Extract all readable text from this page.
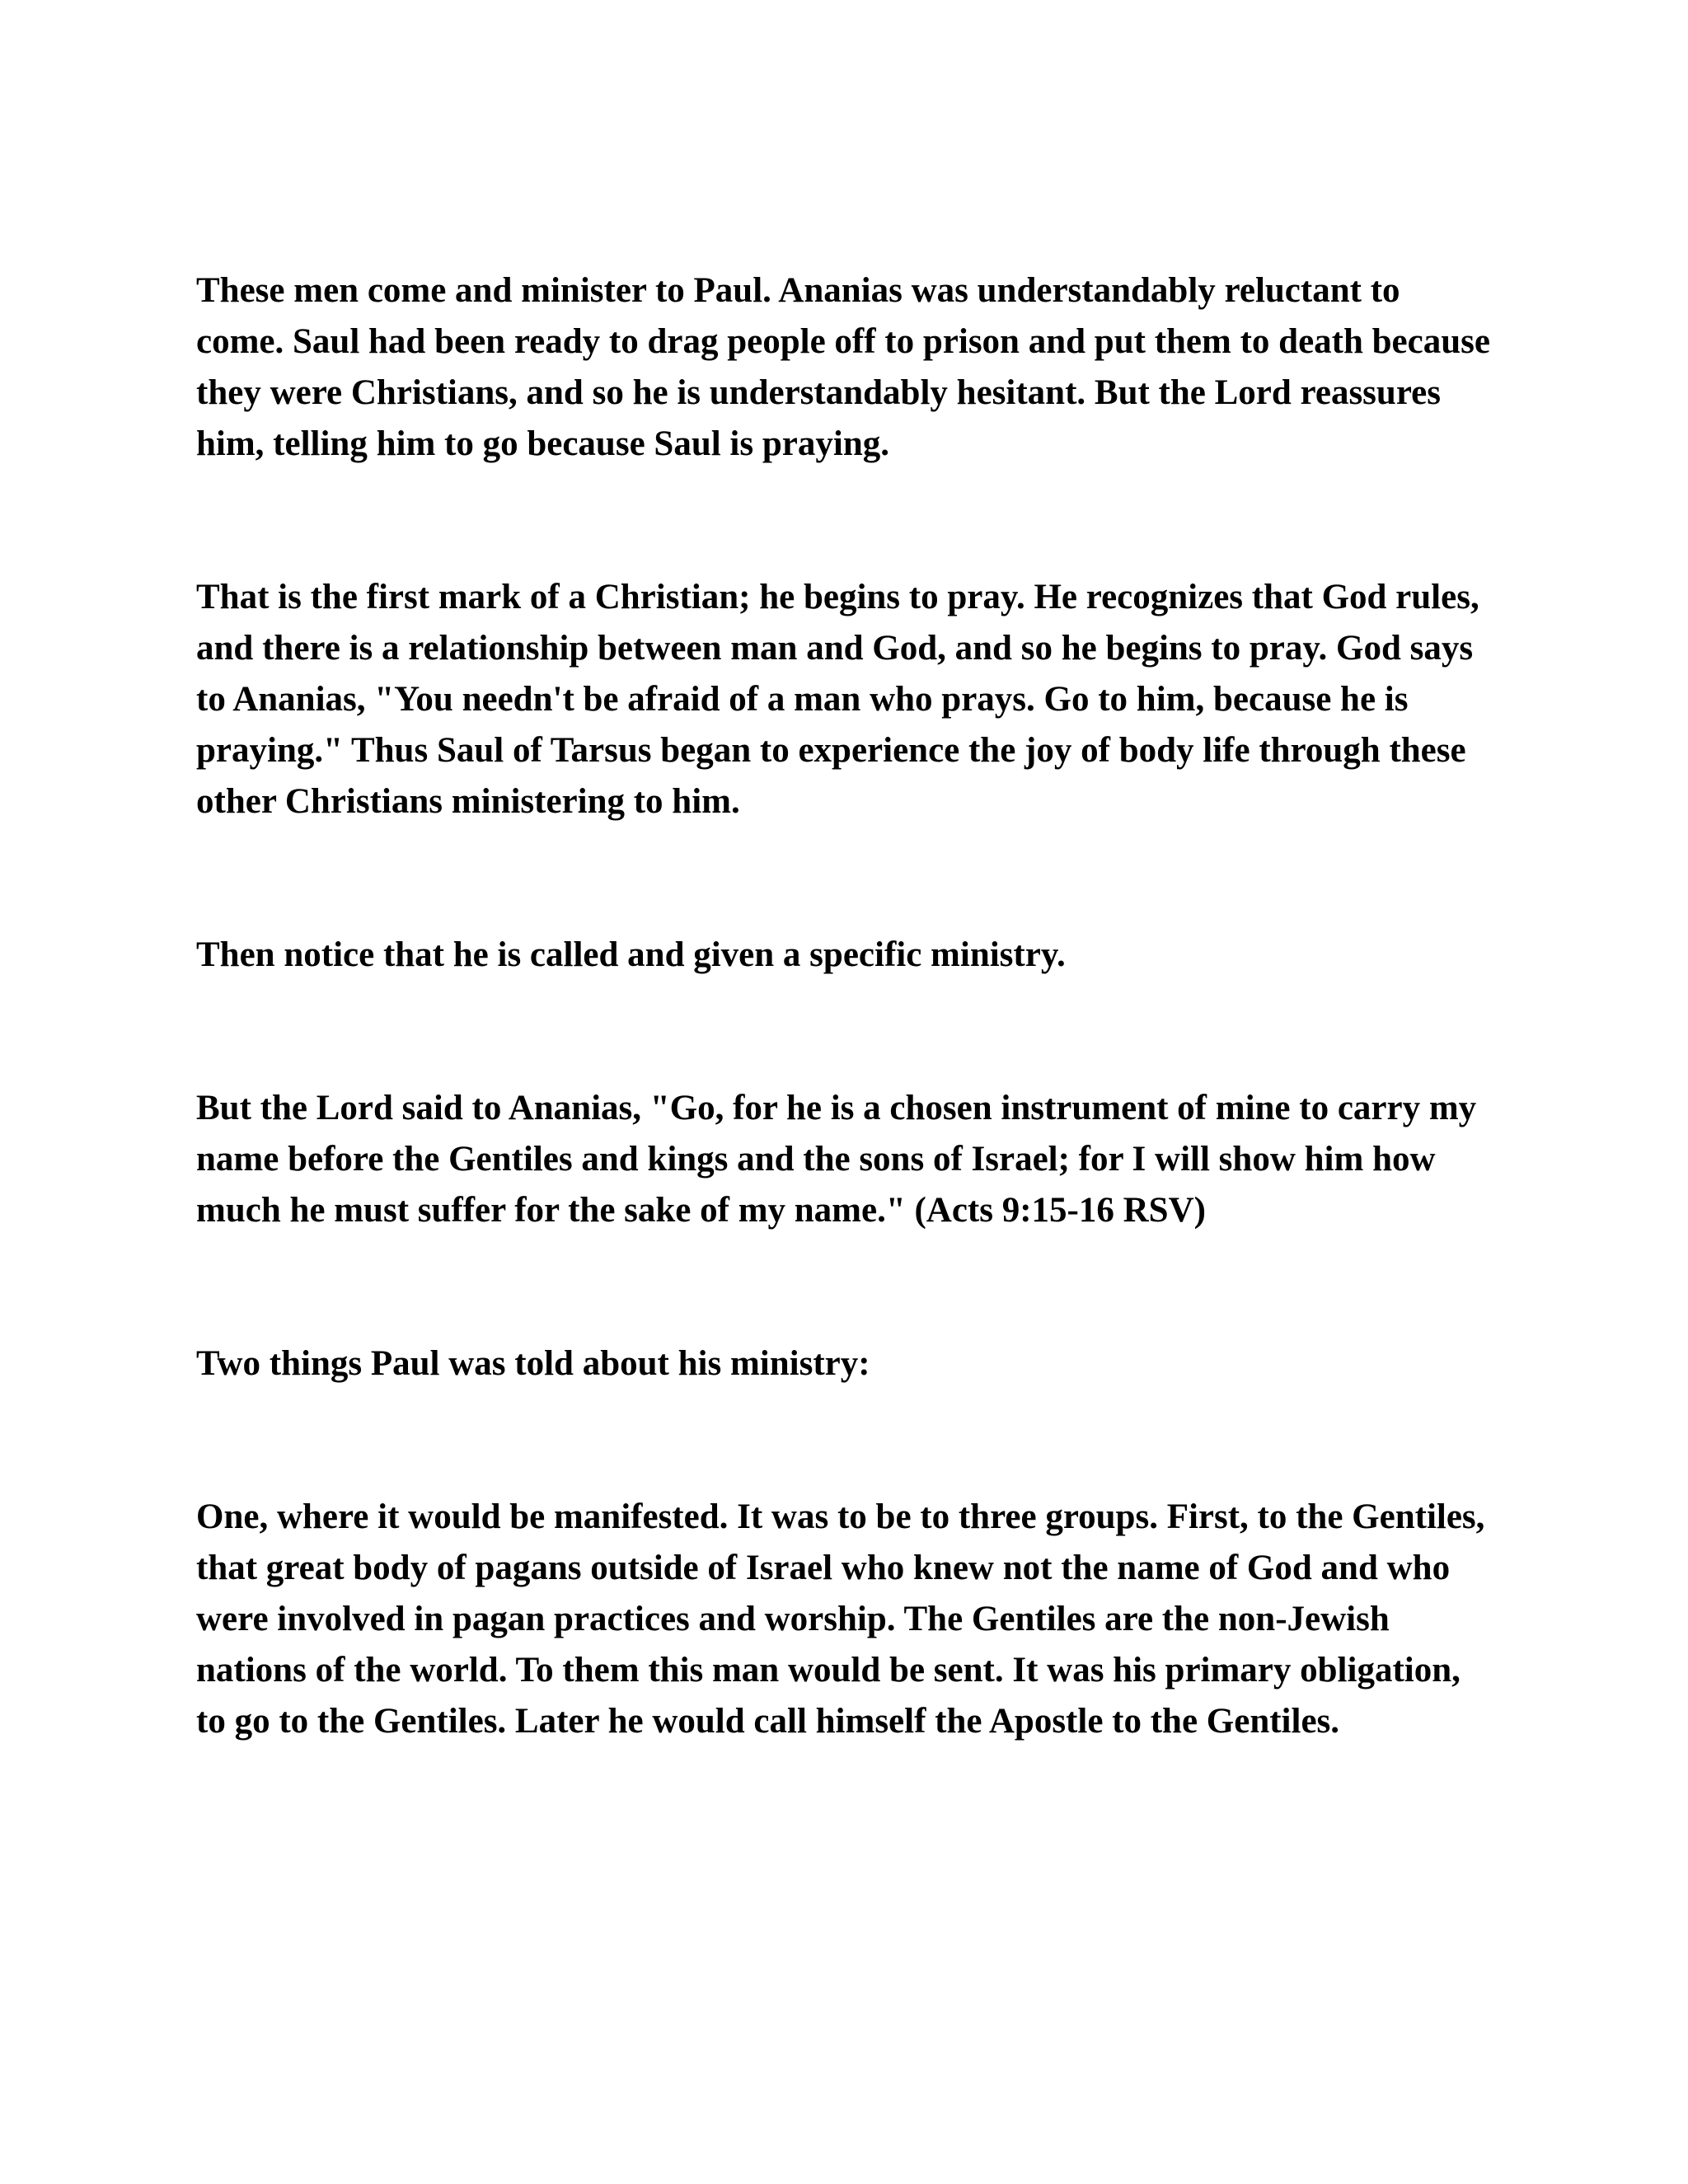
These men come and minister to Paul. Ananias was understandably reluctant to come. Saul had been ready to drag people off to prison and put them to death because they were Christians, and so he is understandably hesitant. But the Lord reassures him, telling him to go because Saul is praying.

That is the first mark of a Christian; he begins to pray. He recognizes that God rules, and there is a relationship between man and God, and so he begins to pray. God says to Ananias, "You needn't be afraid of a man who prays. Go to him, because he is praying." Thus Saul of Tarsus began to experience the joy of body life through these other Christians ministering to him.

Then notice that he is called and given a specific ministry.

But the Lord said to Ananias, "Go, for he is a chosen instrument of mine to carry my name before the Gentiles and kings and the sons of Israel; for I will show him how much he must suffer for the sake of my name." (Acts 9:15-16 RSV)

Two things Paul was told about his ministry:

One, where it would be manifested. It was to be to three groups. First, to the Gentiles, that great body of pagans outside of Israel who knew not the name of God and who were involved in pagan practices and worship. The Gentiles are the non-Jewish nations of the world. To them this man would be sent. It was his primary obligation, to go to the Gentiles. Later he would call himself the Apostle to the Gentiles.
